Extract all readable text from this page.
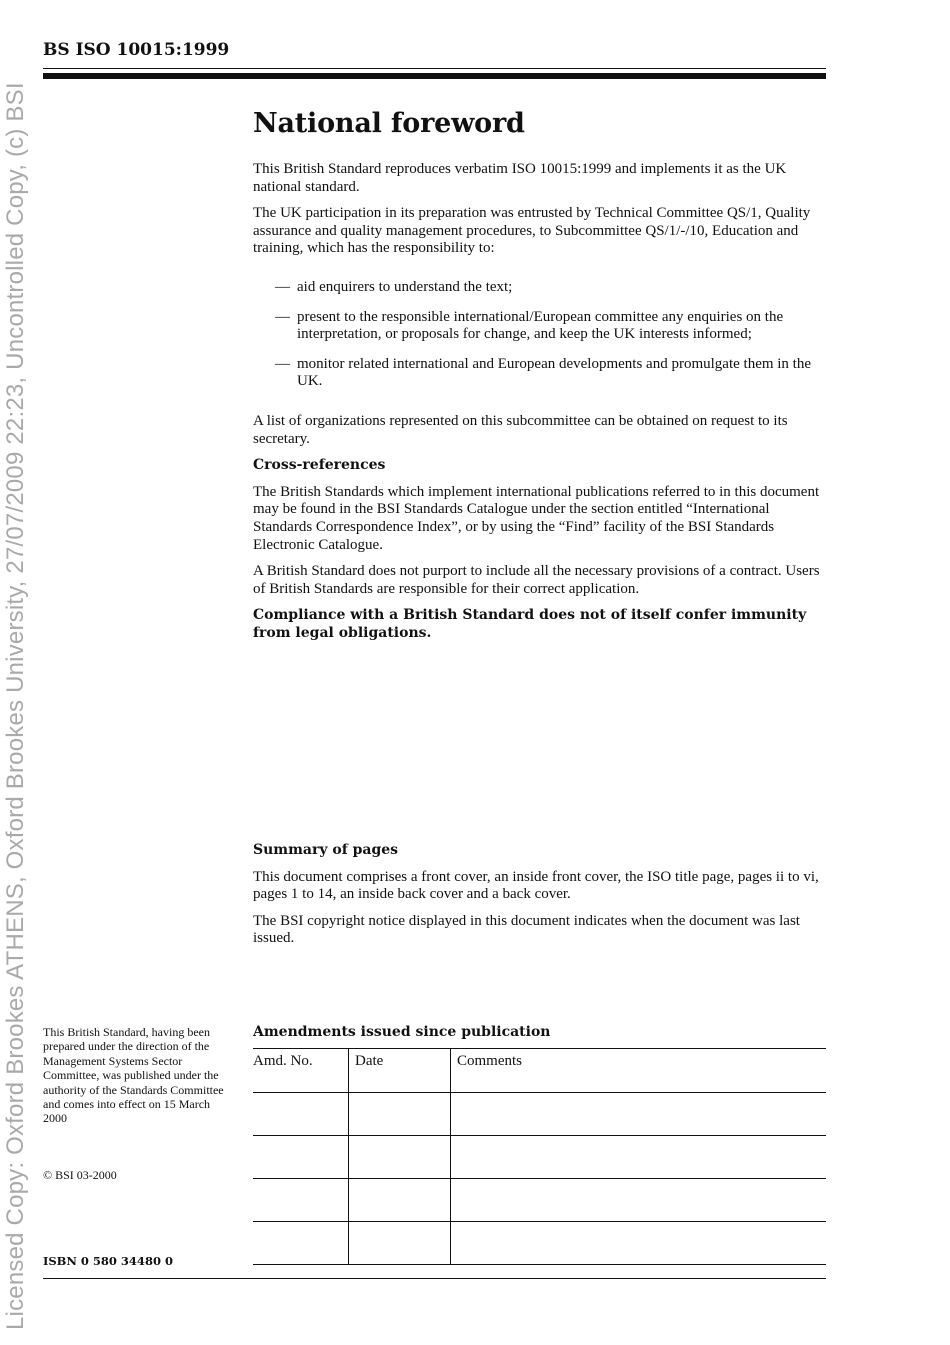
Licensed Copy: Oxford Brookes ATHENS, Oxford Brookes University, 27/07/2009 22:23, Uncontrolled Copy, (c) BSI
BS ISO 10015:1999
National foreword

This British Standard reproduces verbatim ISO 10015:1999 and implements it as the UK national standard.

The UK participation in its preparation was entrusted by Technical Committee QS/1, Quality assurance and quality management procedures, to Subcommittee QS/1/-/10, Education and training, which has the responsibility to:

— aid enquirers to understand the text;
— present to the responsible international/European committee any enquiries on the interpretation, or proposals for change, and keep the UK interests informed;
— monitor related international and European developments and promulgate them in the UK.

A list of organizations represented on this subcommittee can be obtained on request to its secretary.

Cross-references

The British Standards which implement international publications referred to in this document may be found in the BSI Standards Catalogue under the section entitled “International Standards Correspondence Index”, or by using the “Find” facility of the BSI Standards Electronic Catalogue.

A British Standard does not purport to include all the necessary provisions of a contract. Users of British Standards are responsible for their correct application.

Compliance with a British Standard does not of itself confer immunity from legal obligations.

Summary of pages

This document comprises a front cover, an inside front cover, the ISO title page, pages ii to vi, pages 1 to 14, an inside back cover and a back cover.

The BSI copyright notice displayed in this document indicates when the document was last issued.

This British Standard, having been prepared under the direction of the Management Systems Sector Committee, was published under the authority of the Standards Committee and comes into effect on 15 March 2000
© BSI 03-2000
ISBN 0 580 34480 0
Amendments issued since publication
Amd. No.	Date	Comments
